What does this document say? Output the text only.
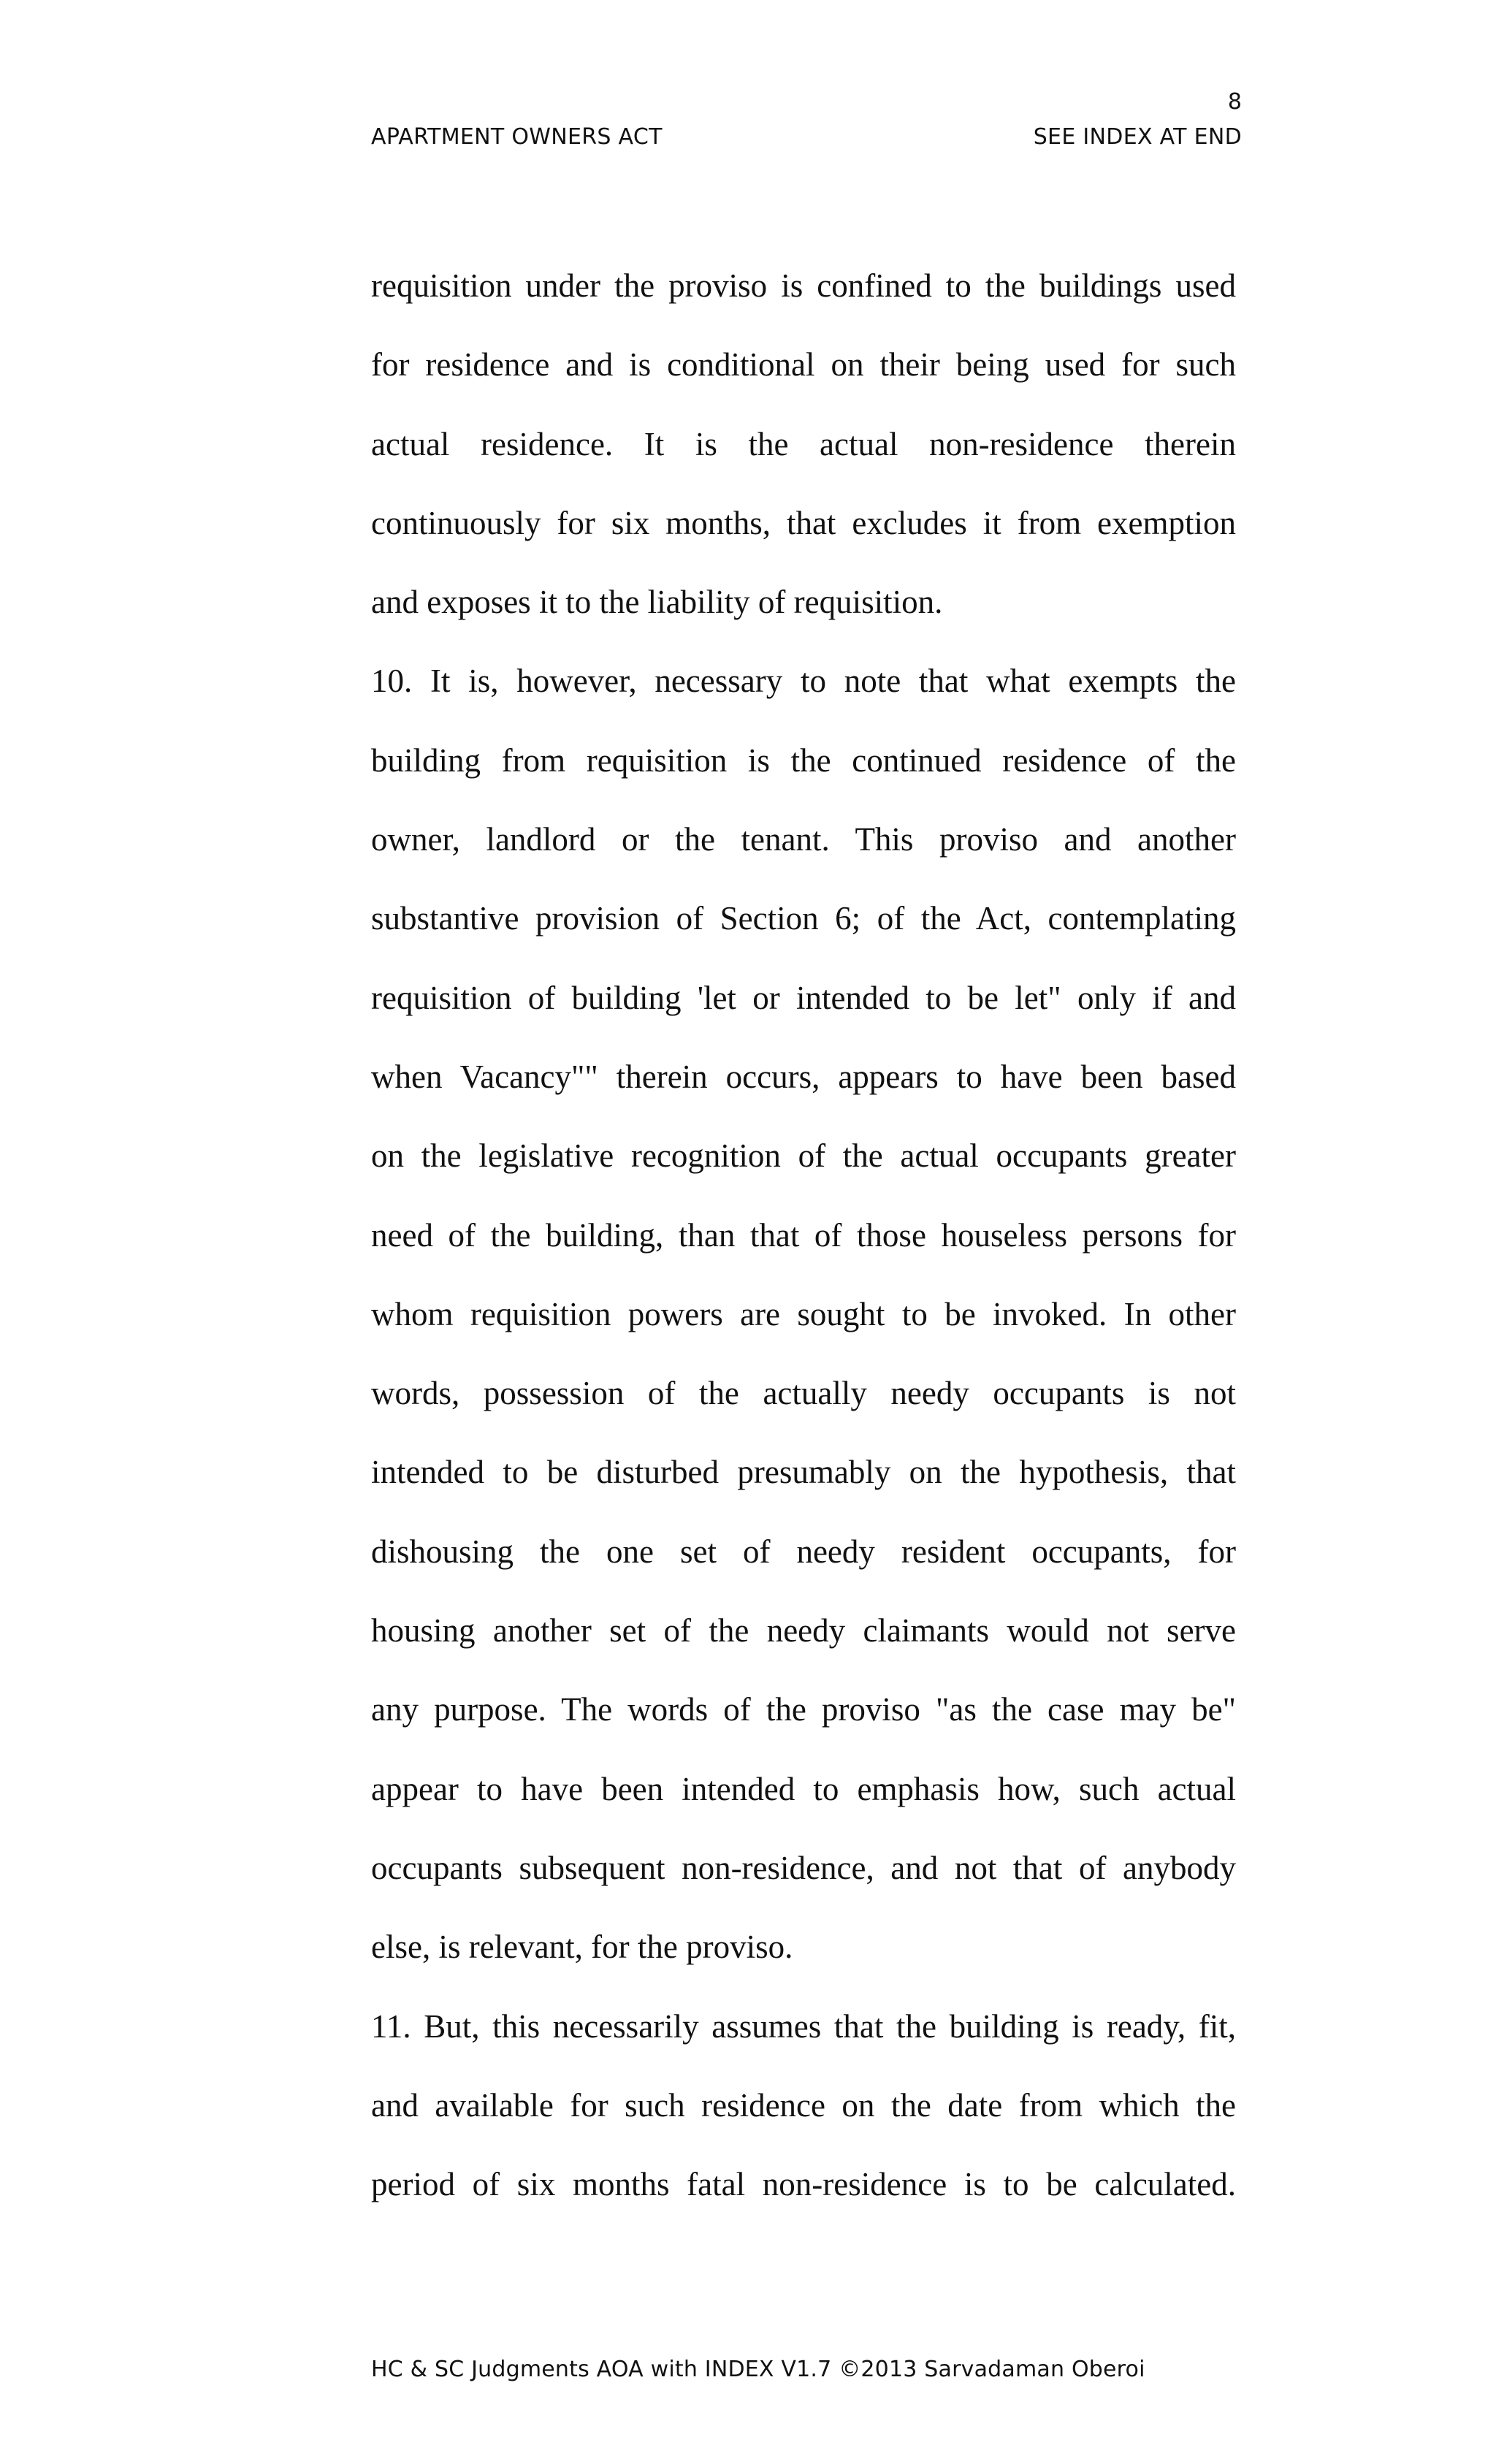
8
APARTMENT OWNERS ACT	SEE INDEX AT END
requisition under the proviso is confined to the buildings used
for residence and is conditional on their being used for such
actual residence. It is the actual non-residence therein
continuously for six months, that excludes it from exemption
and exposes it to the liability of requisition.
10. It is, however, necessary to note that what exempts the
building from requisition is the continued residence of the
owner, landlord or the tenant. This proviso and another
substantive provision of Section 6; of the Act, contemplating
requisition of building 'let or intended to be let" only if and
when Vacancy"" therein occurs, appears to have been based
on the legislative recognition of the actual occupants greater
need of the building, than that of those houseless persons for
whom requisition powers are sought to be invoked. In other
words, possession of the actually needy occupants is not
intended to be disturbed presumably on the hypothesis, that
dishousing the one set of needy resident occupants, for
housing another set of the needy claimants would not serve
any purpose. The words of the proviso "as the case may be"
appear to have been intended to emphasis how, such actual
occupants subsequent non-residence, and not that of anybody
else, is relevant, for the proviso.
11. But, this necessarily assumes that the building is ready, fit,
and available for such residence on the date from which the
period of six months fatal non-residence is to be calculated.
HC & SC Judgments AOA with INDEX V1.7 ©2013 Sarvadaman Oberoi
